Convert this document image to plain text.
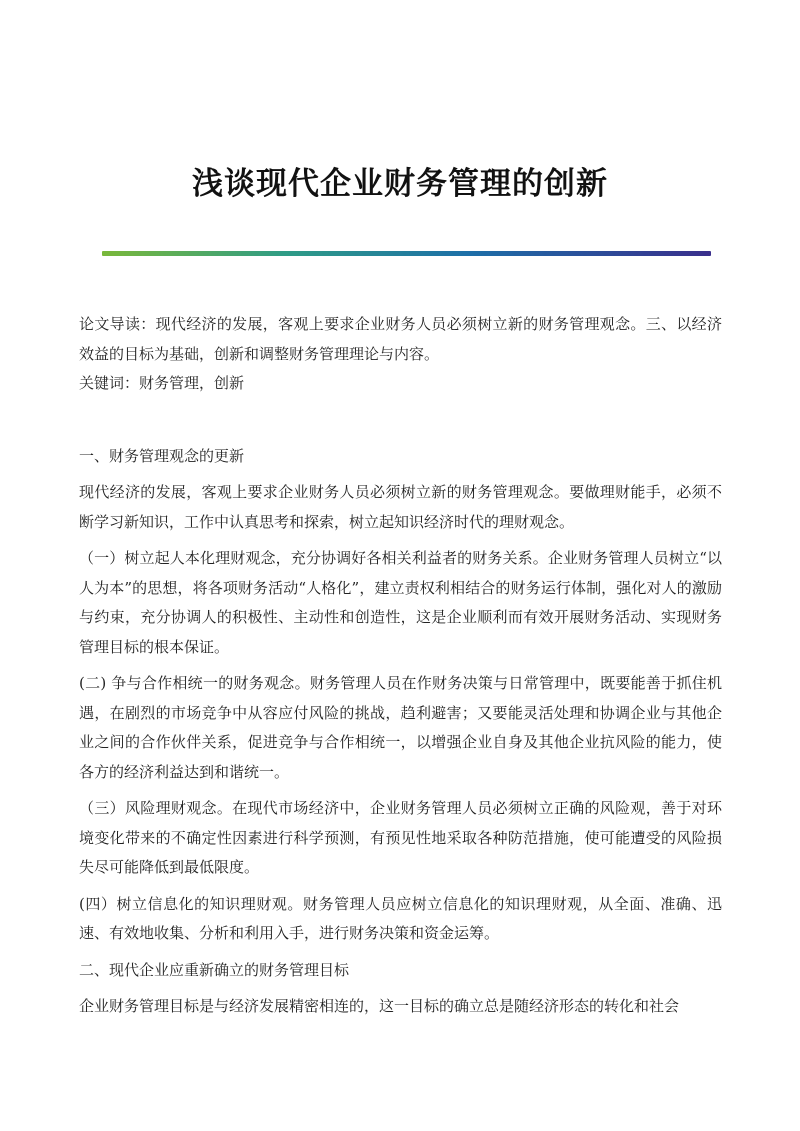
浅谈现代企业财务管理的创新

论文导读：现代经济的发展，客观上要求企业财务人员必须树立新的财务管理观念。三、以经济效益的目标为基础，创新和调整财务管理理论与内容。

关键词：财务管理，创新

一、财务管理观念的更新

现代经济的发展，客观上要求企业财务人员必须树立新的财务管理观念。要做理财能手，必须不断学习新知识，工作中认真思考和探索，树立起知识经济时代的理财观念。

（一）树立起人本化理财观念，充分协调好各相关利益者的财务关系。企业财务管理人员树立“以人为本”的思想，将各项财务活动“人格化”，建立责权利相结合的财务运行体制，强化对人的激励与约束，充分协调人的积极性、主动性和创造性，这是企业顺利而有效开展财务活动、实现财务管理目标的根本保证。

(二) 争与合作相统一的财务观念。财务管理人员在作财务决策与日常管理中，既要能善于抓住机遇，在剧烈的市场竞争中从容应付风险的挑战，趋利避害；又要能灵活处理和协调企业与其他企业之间的合作伙伴关系，促进竞争与合作相统一，以增强企业自身及其他企业抗风险的能力，使各方的经济利益达到和谐统一。

（三）风险理财观念。在现代市场经济中，企业财务管理人员必须树立正确的风险观，善于对环境变化带来的不确定性因素进行科学预测，有预见性地采取各种防范措施，使可能遭受的风险损失尽可能降低到最低限度。

(四）树立信息化的知识理财观。财务管理人员应树立信息化的知识理财观，从全面、准确、迅速、有效地收集、分析和利用入手，进行财务决策和资金运筹。

二、现代企业应重新确立的财务管理目标

企业财务管理目标是与经济发展精密相连的，这一目标的确立总是随经济形态的转化和社会
